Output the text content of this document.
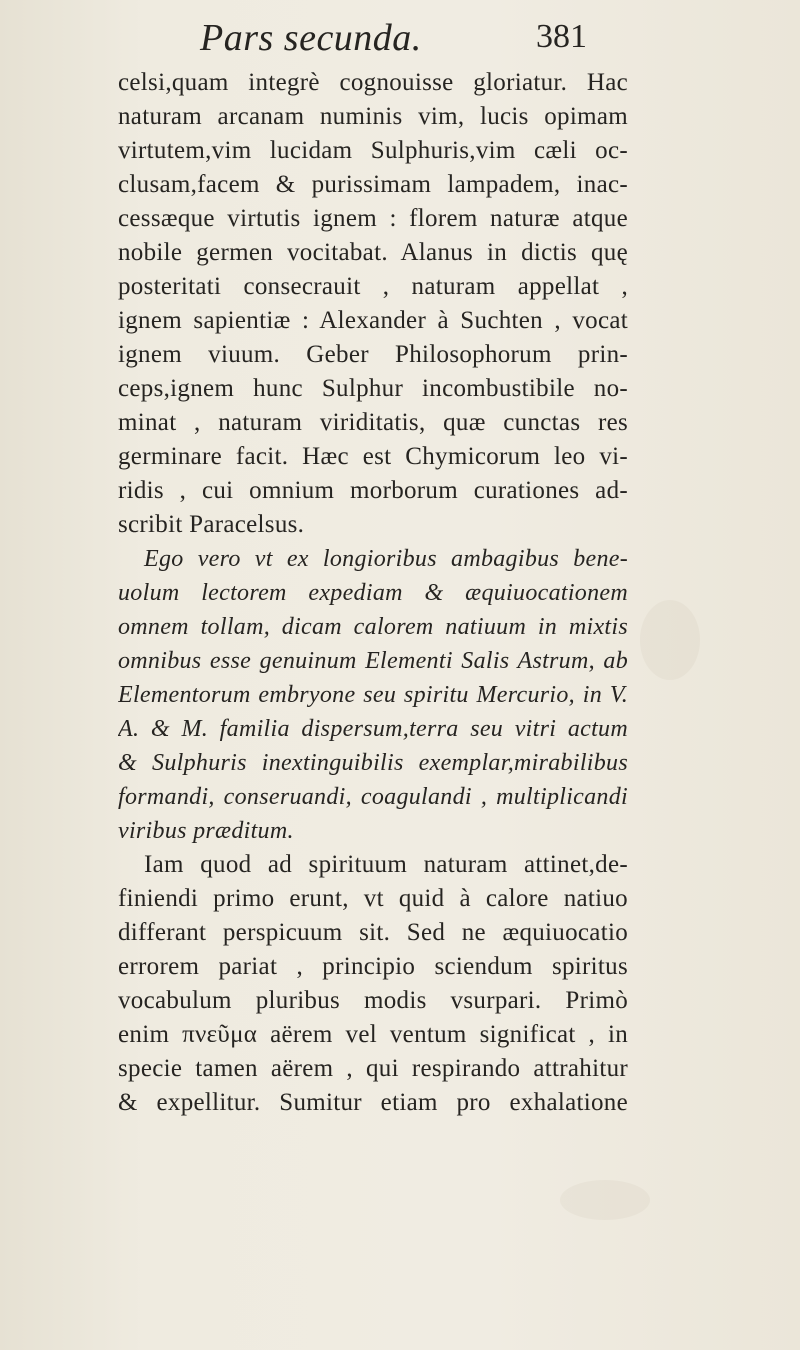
Pars secunda.	381
celsi,quam integrè cognouisse gloriatur. Hac
naturam arcanam numinis vim, lucis opimam
virtutem,vim lucidam Sulphuris,vim cæli oc-
clusam,facem & purissimam lampadem, inac-
cessæque virtutis ignem : florem naturæ atque
nobile germen vocitabat. Alanus in dictis quę
posteritati consecrauit , naturam appellat ,
ignem sapientiæ : Alexander à Suchten , vocat
ignem viuum. Geber Philosophorum prin-
ceps,ignem hunc Sulphur incombustibile no-
minat , naturam viriditatis, quæ cunctas res
germinare facit. Hæc est Chymicorum leo vi-
ridis , cui omnium morborum curationes ad-
scribit Paracelsus.
Ego vero vt ex longioribus ambagibus bene-
uolum lectorem expediam & æquiuocationem
omnem tollam, dicam calorem natiuum in mixtis
omnibus esse genuinum Elementi Salis Astrum, ab
Elementorum embryone seu spiritu Mercurio, in V.
A. & M. familia dispersum,terra seu vitri actum
& Sulphuris inextinguibilis exemplar,mirabilibus
formandi, conseruandi, coagulandi , multiplicandi
viribus præditum.
Iam quod ad spirituum naturam attinet,de-
finiendi primo erunt, vt quid à calore natiuo
differant perspicuum sit. Sed ne æquiuocatio
errorem pariat , principio sciendum spiritus
vocabulum pluribus modis vsurpari. Primò
enim πνεῦμα aërem vel ventum significat , in
specie tamen aërem , qui respirando attrahitur
& expellitur. Sumitur etiam pro exhalatione
